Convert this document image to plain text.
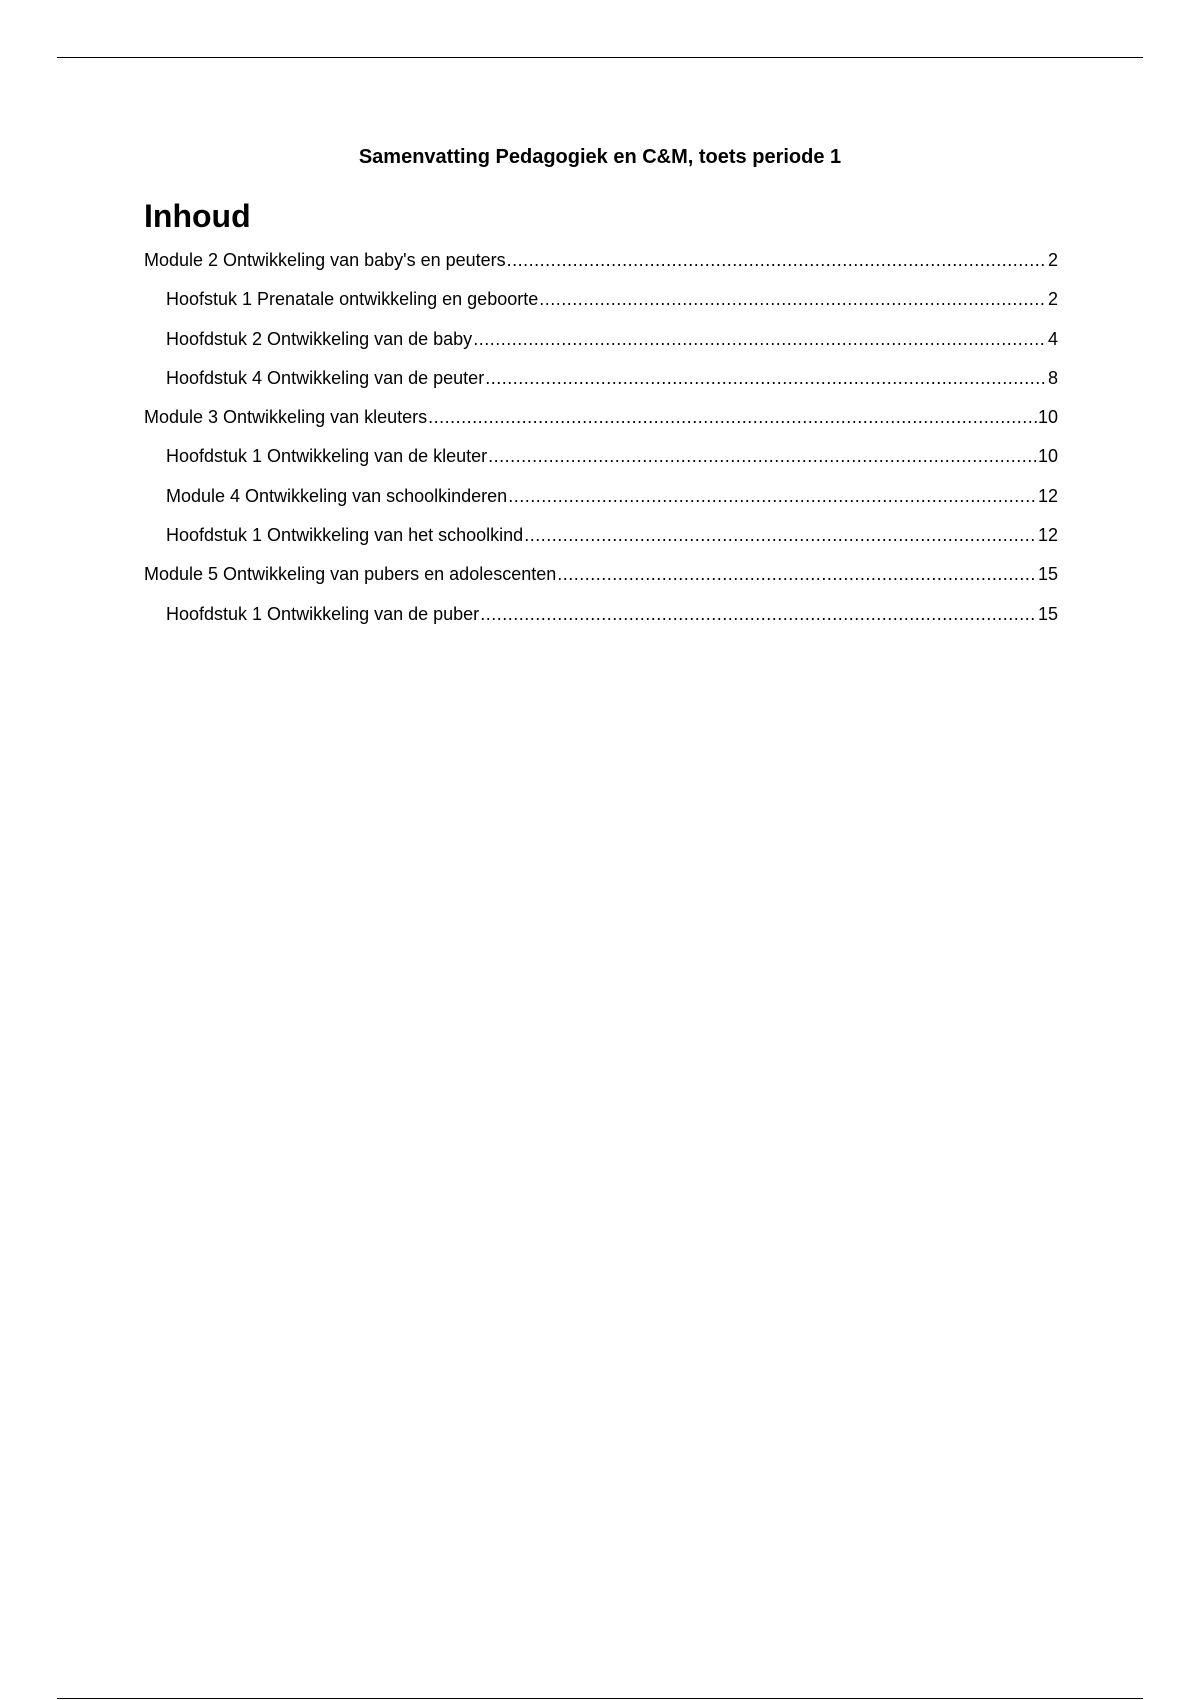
Samenvatting Pedagogiek en C&M, toets periode 1
Inhoud
Module 2 Ontwikkeling van baby's en peuters .....	2
Hoofstuk 1 Prenatale ontwikkeling en geboorte .....	2
Hoofdstuk 2 Ontwikkeling van de baby .....	4
Hoofdstuk 4 Ontwikkeling van de peuter .....	8
Module 3 Ontwikkeling van kleuters .....	10
Hoofdstuk 1 Ontwikkeling van de kleuter .....	10
Module 4 Ontwikkeling van schoolkinderen .....	12
Hoofdstuk 1 Ontwikkeling van het schoolkind .....	12
Module 5 Ontwikkeling van pubers en adolescenten .....	15
Hoofdstuk 1 Ontwikkeling van de puber .....	15
